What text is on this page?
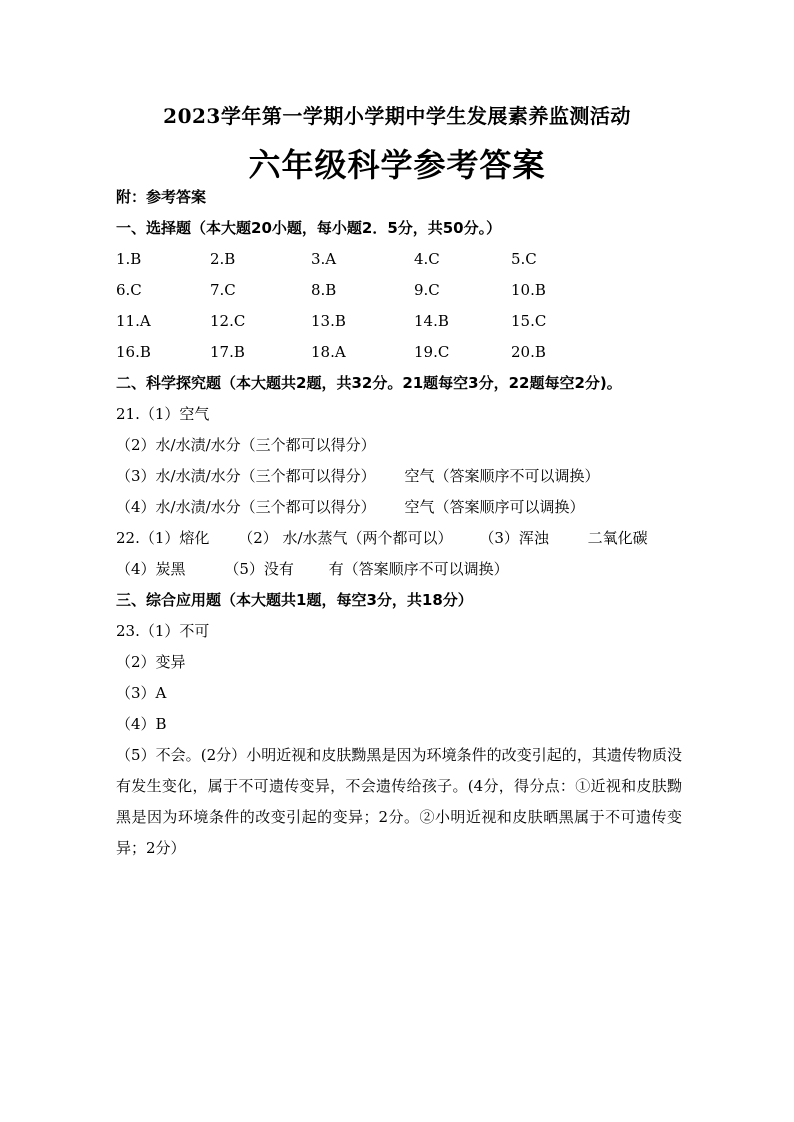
2023学年第一学期小学期中学生发展素养监测活动
六年级科学参考答案
附：参考答案
一、选择题（本大题20小题，每小题2．5分，共50分。）
1.B	2.B	3.A	4.C	5.C
6.C	7.C	8.B	9.C	10.B
11.A	12.C	13.B	14.B	15.C
16.B	17.B	18.A	19.C	20.B
二、科学探究题（本大题共2题，共32分。21题每空3分，22题每空2分)。
21.（1）空气
（2）水/水渍/水分（三个都可以得分）
（3）水/水渍/水分（三个都可以得分） 空气（答案顺序不可以调换）
（4）水/水渍/水分（三个都可以得分） 空气（答案顺序可以调换）
22.（1）熔化 （2） 水/水蒸气（两个都可以） （3）浑浊	二氧化碳
（4）炭黑	（5）没有 有（答案顺序不可以调换）
三、综合应用题（本大题共1题，每空3分，共18分）
23.（1）不可
（2）变异
（3）A
（4）B
（5）不会。(2分）小明近视和皮肤黝黑是因为环境条件的改变引起的，其遗传物质没有发生变化，属于不可遗传变异，不会遗传给孩子。(4分，得分点：①近视和皮肤黝黑是因为环境条件的改变引起的变异；2分。②小明近视和皮肤晒黑属于不可遗传变异；2分）
